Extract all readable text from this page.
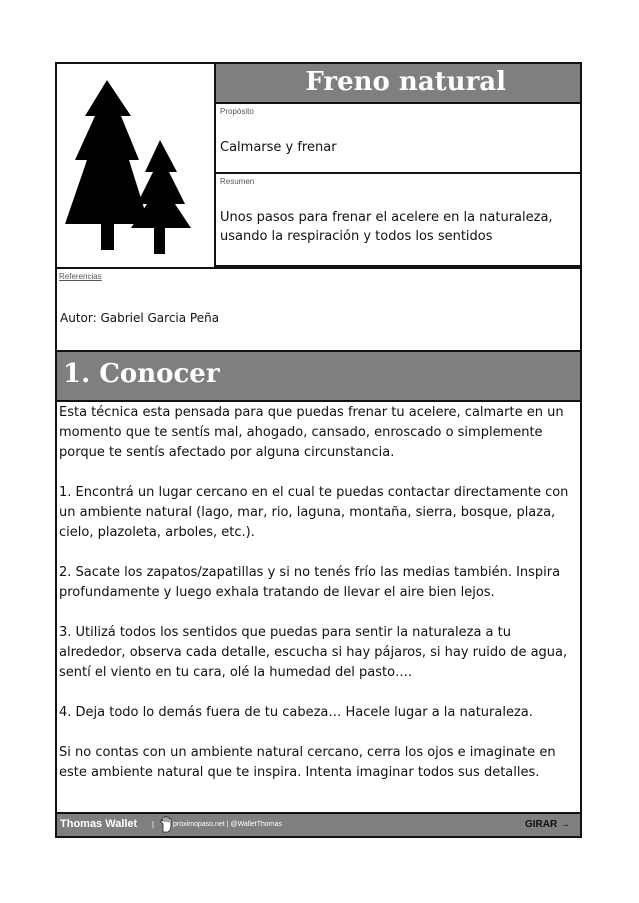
Freno natural
Propósito
Calmarse y frenar
Resumen
Unos pasos para frenar el acelere en la naturaleza, usando la respiración y todos los sentidos
Referencias
Autor: Gabriel Garcia Peña
1. Conocer

Esta técnica esta pensada para que puedas frenar tu acelere, calmarte en un momento que te sentís mal, ahogado, cansado, enroscado o simplemente porque te sentís afectado por alguna circunstancia.

1. Encontrá un lugar cercano en el cual te puedas contactar directamente con un ambiente natural (lago, mar, rio, laguna, montaña, sierra, bosque, plaza, cielo, plazoleta, arboles, etc.).

2. Sacate los zapatos/zapatillas y si no tenés frío las medias también. Inspira profundamente y luego exhala tratando de llevar el aire bien lejos.

3. Utilizá todos los sentidos que puedas para sentir la naturaleza a tu alrededor, observa cada detalle, escucha si hay pájaros, si hay ruido de agua, sentí el viento en tu cara, olé la humedad del pasto….

4. Deja todo lo demás fuera de tu cabeza… Hacele lugar a la naturaleza.

Si no contas con un ambiente natural cercano, cerra los ojos e imaginate en este ambiente natural que te inspira. Intenta imaginar todos sus detalles.

Thomas Wallet |	proximopaso.net | @WalletThomas	GIRAR →
